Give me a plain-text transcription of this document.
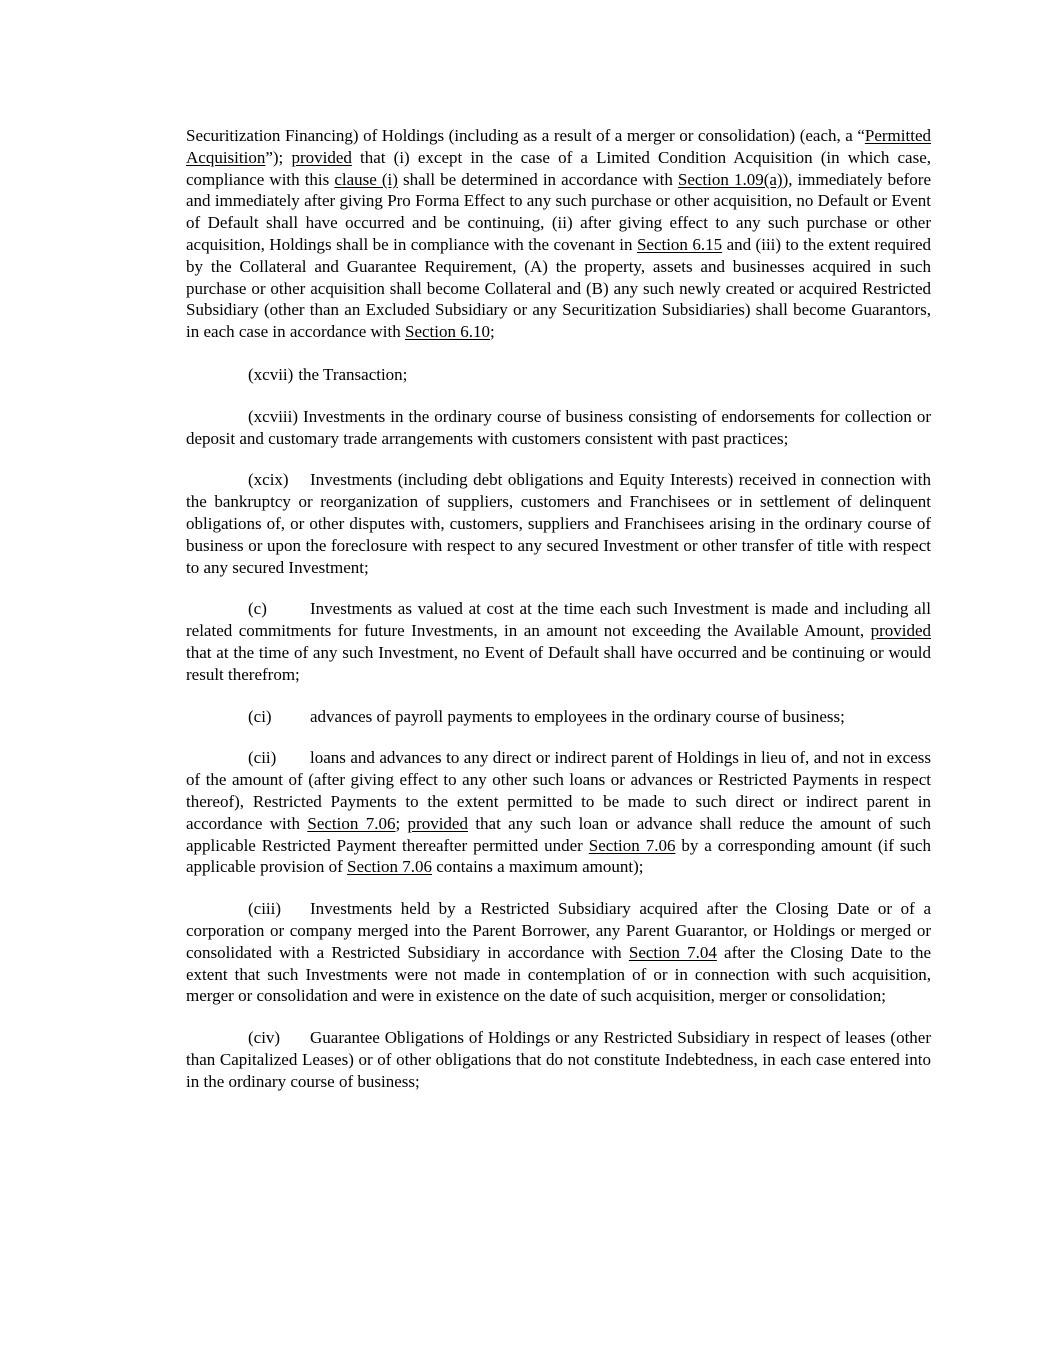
Securitization Financing) of Holdings (including as a result of a merger or consolidation) (each, a “Permitted Acquisition”); provided that (i) except in the case of a Limited Condition Acquisition (in which case, compliance with this clause (i) shall be determined in accordance with Section 1.09(a)), immediately before and immediately after giving Pro Forma Effect to any such purchase or other acquisition, no Default or Event of Default shall have occurred and be continuing, (ii) after giving effect to any such purchase or other acquisition, Holdings shall be in compliance with the covenant in Section 6.15 and (iii) to the extent required by the Collateral and Guarantee Requirement, (A) the property, assets and businesses acquired in such purchase or other acquisition shall become Collateral and (B) any such newly created or acquired Restricted Subsidiary (other than an Excluded Subsidiary or any Securitization Subsidiaries) shall become Guarantors, in each case in accordance with Section 6.10;

(xcvii) the Transaction;

(xcviii) Investments in the ordinary course of business consisting of endorsements for collection or deposit and customary trade arrangements with customers consistent with past practices;

(xcix) Investments (including debt obligations and Equity Interests) received in connection with the bankruptcy or reorganization of suppliers, customers and Franchisees or in settlement of delinquent obligations of, or other disputes with, customers, suppliers and Franchisees arising in the ordinary course of business or upon the foreclosure with respect to any secured Investment or other transfer of title with respect to any secured Investment;

(c)	Investments as valued at cost at the time each such Investment is made and including all related commitments for future Investments, in an amount not exceeding the Available Amount, provided that at the time of any such Investment, no Event of Default shall have occurred and be continuing or would result therefrom;

(ci) advances of payroll payments to employees in the ordinary course of business;

(cii) loans and advances to any direct or indirect parent of Holdings in lieu of, and not in excess of the amount of (after giving effect to any other such loans or advances or Restricted Payments in respect thereof), Restricted Payments to the extent permitted to be made to such direct or indirect parent in accordance with Section 7.06; provided that any such loan or advance shall reduce the amount of such applicable Restricted Payment thereafter permitted under Section 7.06 by a corresponding amount (if such applicable provision of Section 7.06 contains a maximum amount);

(ciii) Investments held by a Restricted Subsidiary acquired after the Closing Date or of a corporation or company merged into the Parent Borrower, any Parent Guarantor, or Holdings or merged or consolidated with a Restricted Subsidiary in accordance with Section 7.04 after the Closing Date to the extent that such Investments were not made in contemplation of or in connection with such acquisition, merger or consolidation and were in existence on the date of such acquisition, merger or consolidation;

(civ) Guarantee Obligations of Holdings or any Restricted Subsidiary in respect of leases (other than Capitalized Leases) or of other obligations that do not constitute Indebtedness, in each case entered into in the ordinary course of business;
